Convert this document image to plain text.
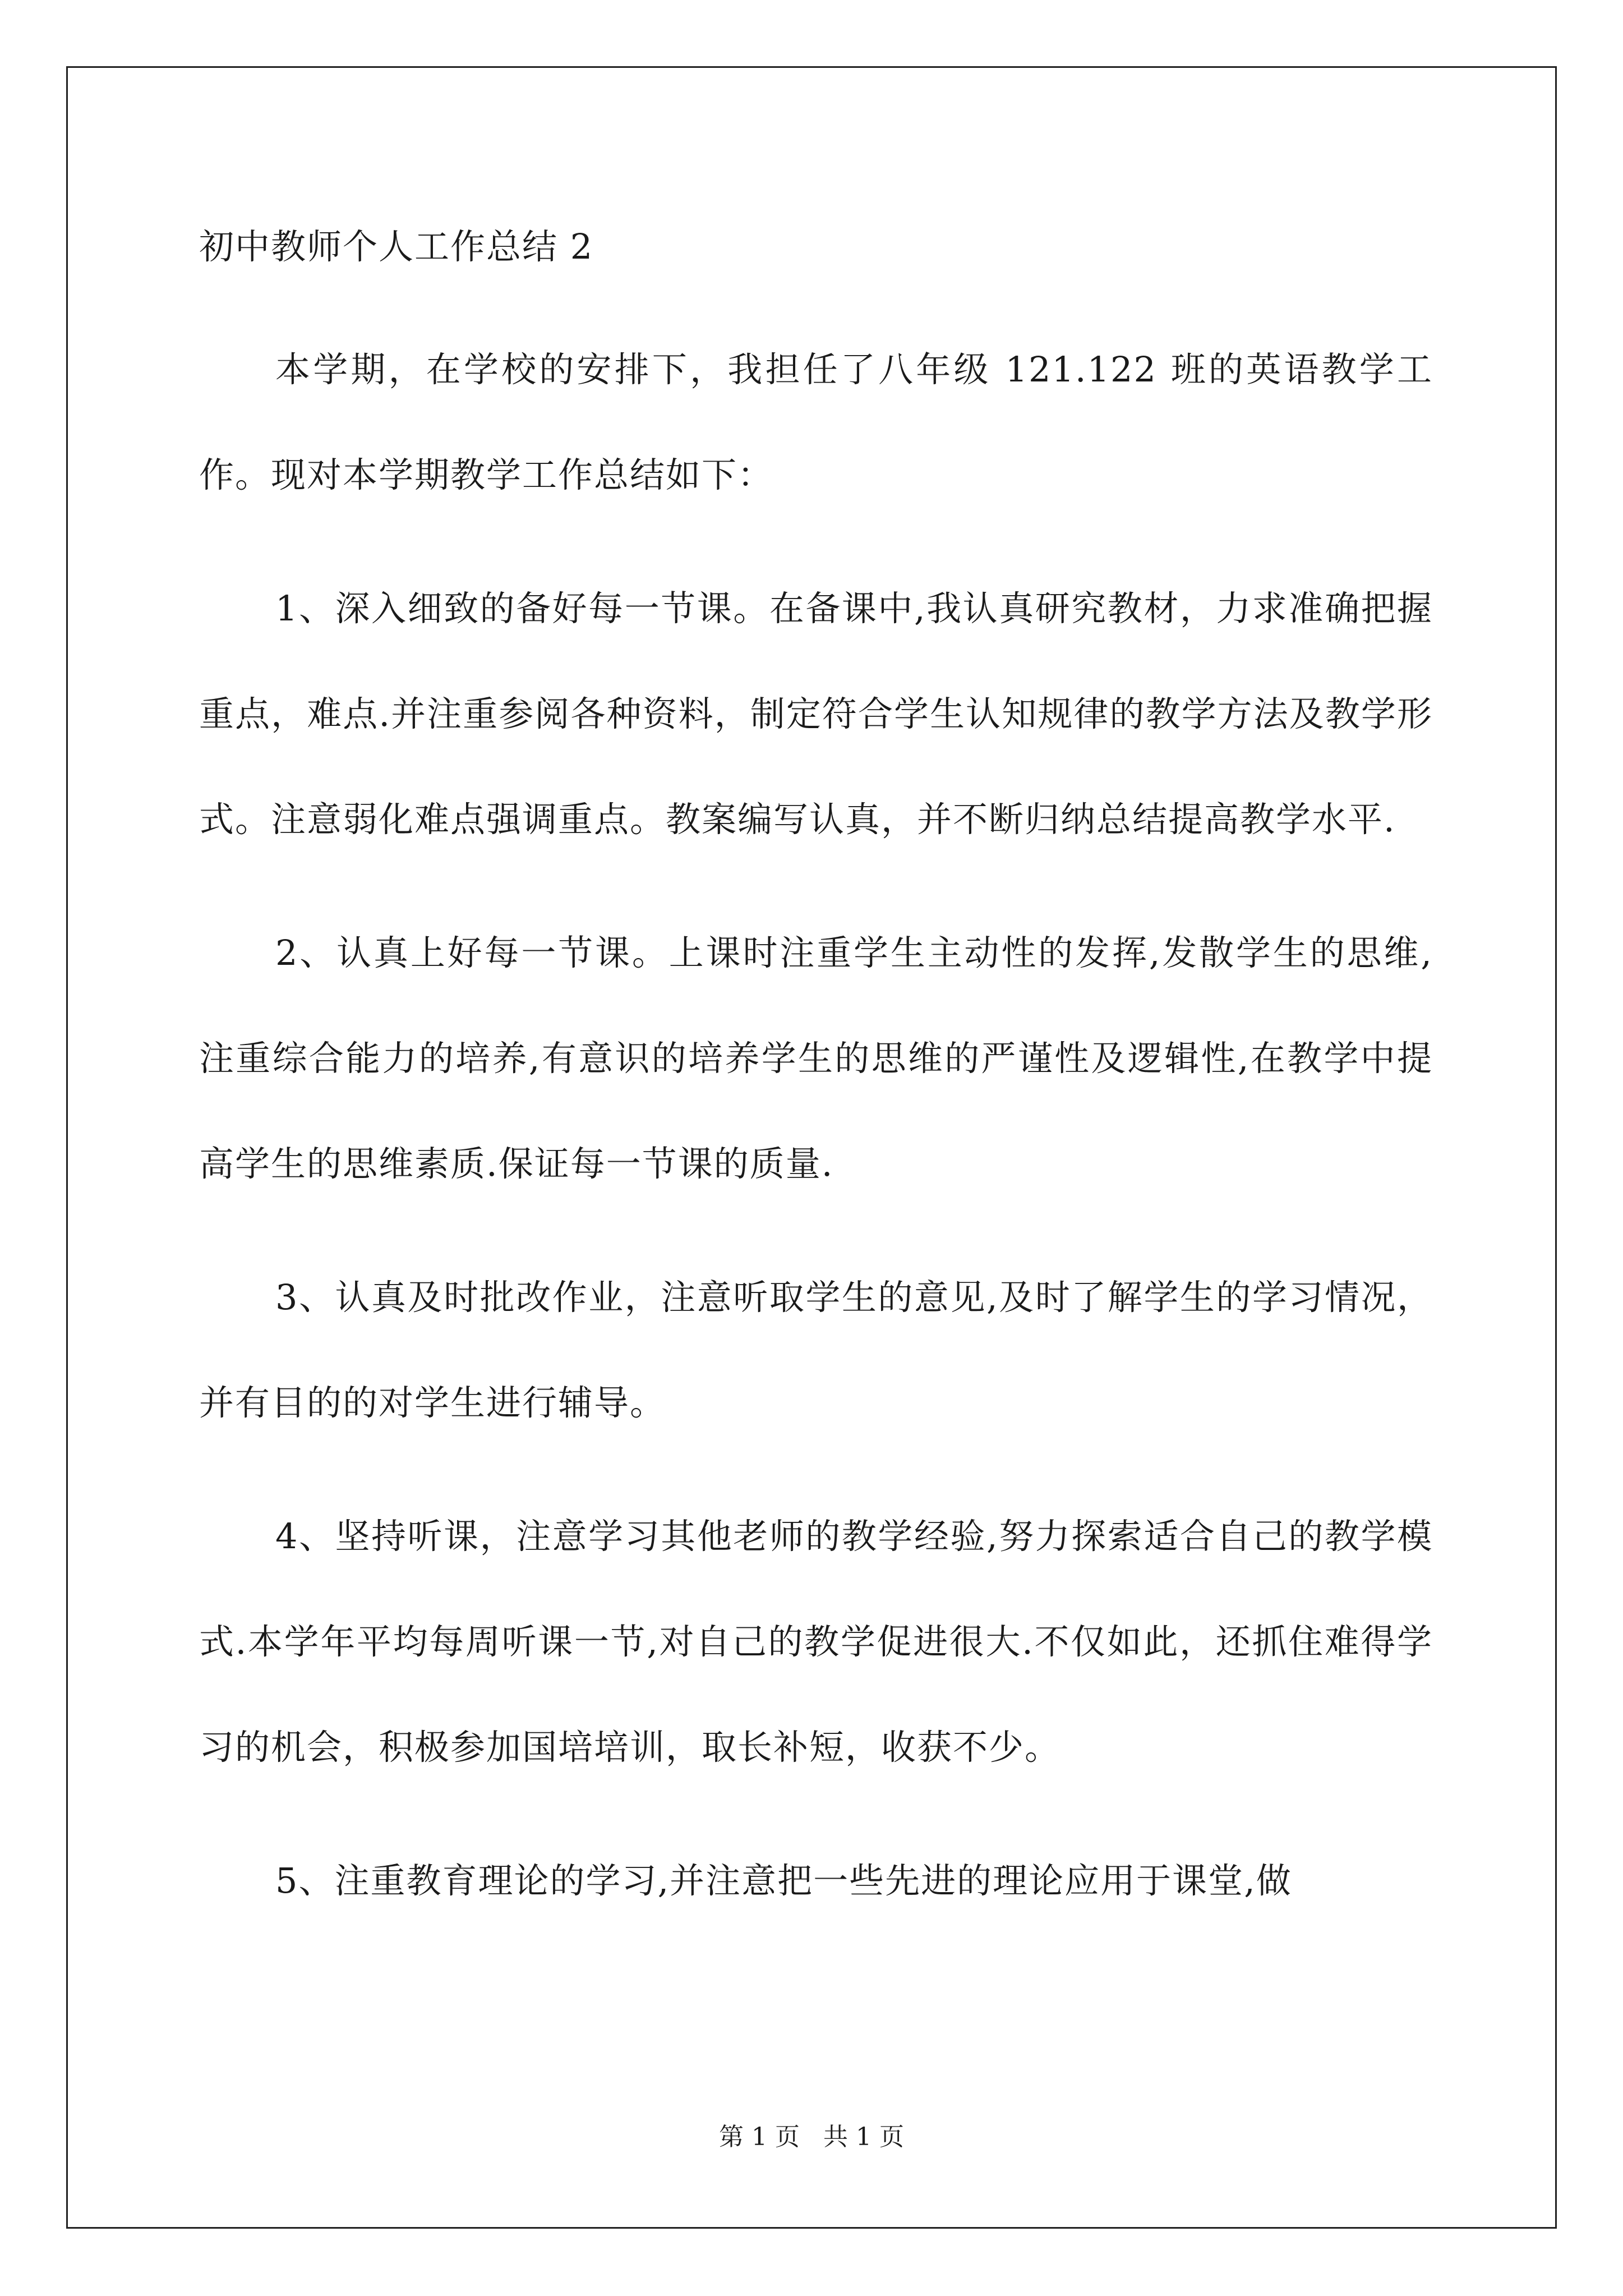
初中教师个人工作总结 2

本学期，在学校的安排下，我担任了八年级 121.122 班的英语教学工作。现对本学期教学工作总结如下：

1、深入细致的备好每一节课。在备课中,我认真研究教材，力求准确把握重点，难点.并注重参阅各种资料，制定符合学生认知规律的教学方法及教学形式。注意弱化难点强调重点。教案编写认真，并不断归纳总结提高教学水平.

2、认真上好每一节课。上课时注重学生主动性的发挥,发散学生的思维,注重综合能力的培养,有意识的培养学生的思维的严谨性及逻辑性,在教学中提高学生的思维素质.保证每一节课的质量.

3、认真及时批改作业，注意听取学生的意见,及时了解学生的学习情况，并有目的的对学生进行辅导。

4、坚持听课，注意学习其他老师的教学经验,努力探索适合自己的教学模式.本学年平均每周听课一节,对自己的教学促进很大.不仅如此，还抓住难得学习的机会，积极参加国培培训，取长补短，收获不少。

5、注重教育理论的学习,并注意把一些先进的理论应用于课堂,做

第 1 页   共 1 页
